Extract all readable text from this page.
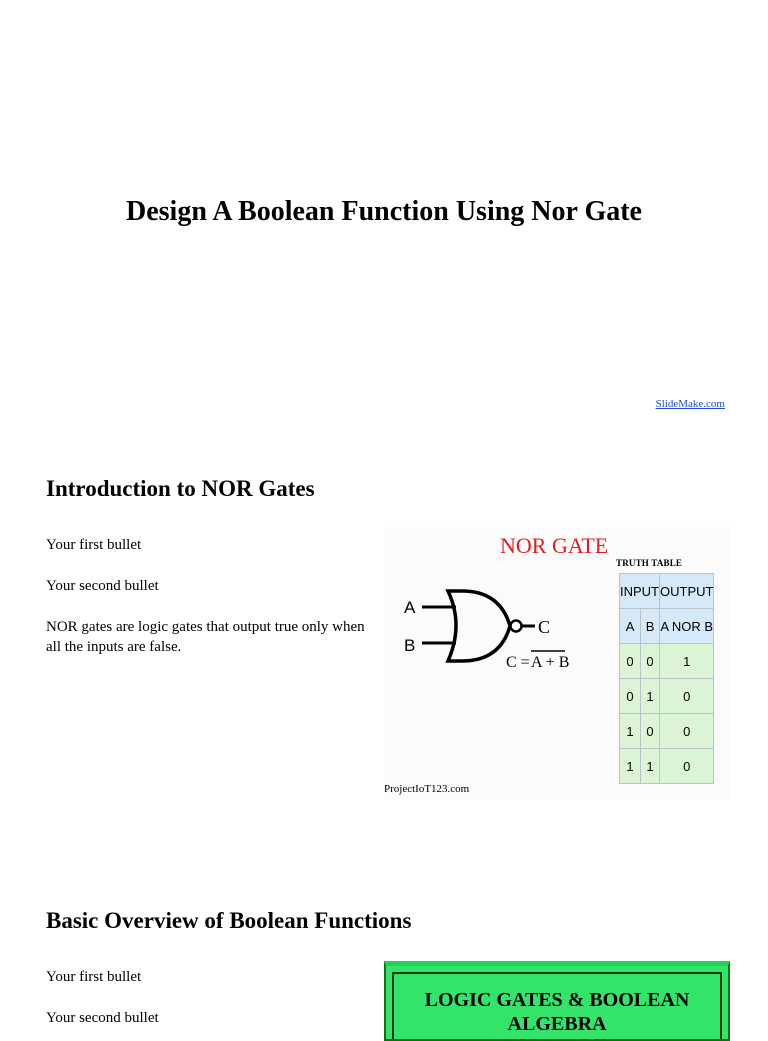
Design A Boolean Function Using Nor Gate
SlideMake.com
Introduction to NOR Gates

Your first bullet

Your second bullet

NOR gates are logic gates that output true only when all the inputs are false.

NOR GATE
A
B
C
C = A + B
TRUTH TABLE
INPUT		OUTPUT
A	B	A NOR B
0	0	1
0	1	0
1	0	0
1	1	0
ProjectIoT123.com
Basic Overview of Boolean Functions

Your first bullet

Your second bullet

LOGIC GATES & BOOLEAN ALGEBRA
